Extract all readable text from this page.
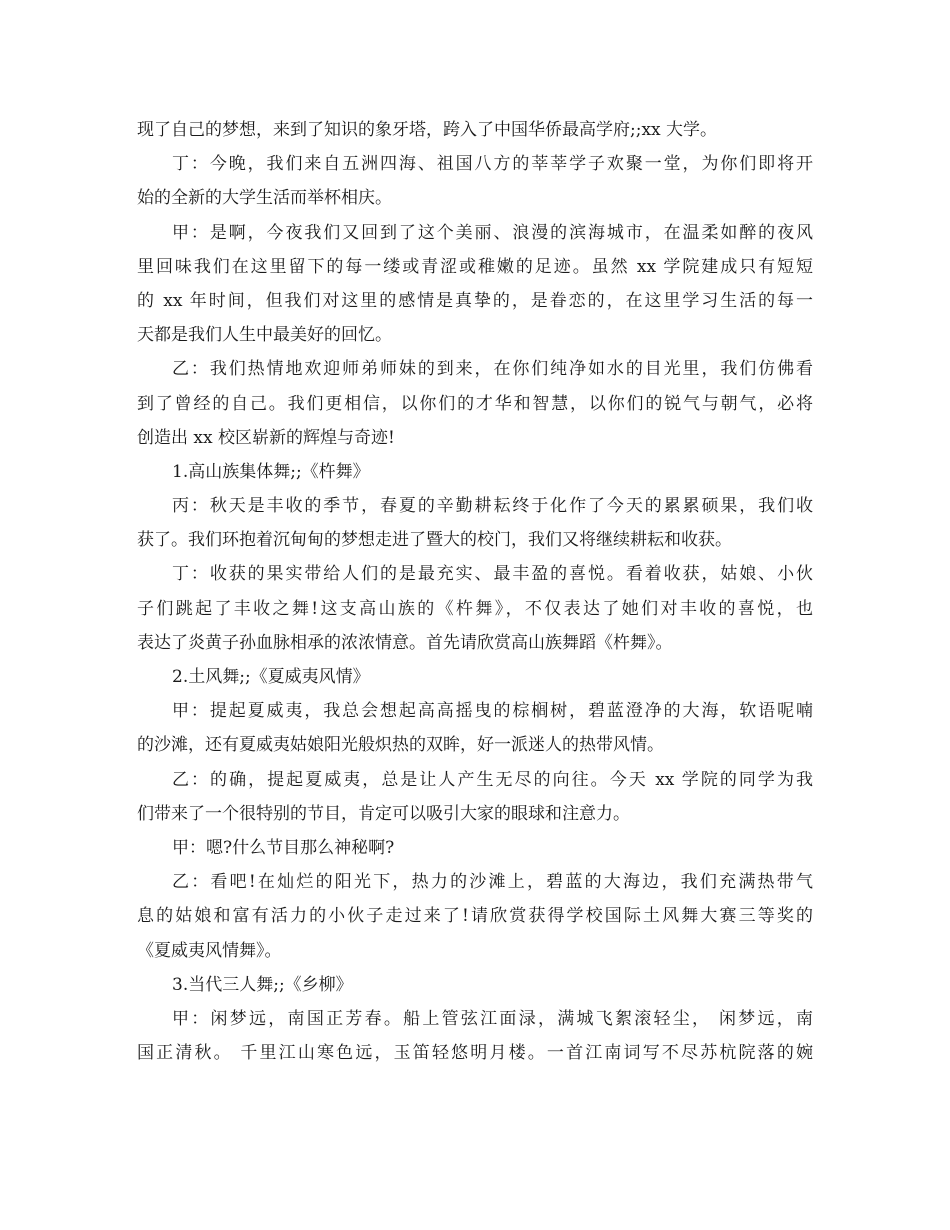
现了自己的梦想，来到了知识的象牙塔，跨入了中国华侨最高学府;;xx 大学。
丁：今晚，我们来自五洲四海、祖国八方的莘莘学子欢聚一堂，为你们即将开
始的全新的大学生活而举杯相庆。
甲：是啊，今夜我们又回到了这个美丽、浪漫的滨海城市，在温柔如醉的夜风
里回味我们在这里留下的每一缕或青涩或稚嫩的足迹。虽然 xx 学院建成只有短短
的 xx 年时间，但我们对这里的感情是真挚的，是眷恋的，在这里学习生活的每一
天都是我们人生中最美好的回忆。
乙：我们热情地欢迎师弟师妹的到来，在你们纯净如水的目光里，我们仿佛看
到了曾经的自己。我们更相信，以你们的才华和智慧，以你们的锐气与朝气，必将
创造出 xx 校区崭新的辉煌与奇迹!
1.高山族集体舞;;《杵舞》
丙：秋天是丰收的季节，春夏的辛勤耕耘终于化作了今天的累累硕果，我们收
获了。我们环抱着沉甸甸的梦想走进了暨大的校门，我们又将继续耕耘和收获。
丁：收获的果实带给人们的是最充实、最丰盈的喜悦。看着收获，姑娘、小伙
子们跳起了丰收之舞!这支高山族的《杵舞》，不仅表达了她们对丰收的喜悦，也
表达了炎黄子孙血脉相承的浓浓情意。首先请欣赏高山族舞蹈《杵舞》。
2.土风舞;;《夏威夷风情》
甲：提起夏威夷，我总会想起高高摇曳的棕榈树，碧蓝澄净的大海，软语呢喃
的沙滩，还有夏威夷姑娘阳光般炽热的双眸，好一派迷人的热带风情。
乙：的确，提起夏威夷，总是让人产生无尽的向往。今天 xx 学院的同学为我
们带来了一个很特别的节目，肯定可以吸引大家的眼球和注意力。
甲：嗯?什么节目那么神秘啊?
乙：看吧!在灿烂的阳光下，热力的沙滩上，碧蓝的大海边，我们充满热带气
息的姑娘和富有活力的小伙子走过来了!请欣赏获得学校国际土风舞大赛三等奖的
《夏威夷风情舞》。
3.当代三人舞;;《乡柳》
甲：闲梦远，南国正芳春。船上管弦江面渌，满城飞絮滚轻尘， 闲梦远，南
国正清秋。 千里江山寒色远，玉笛轻悠明月楼。一首江南词写不尽苏杭院落的婉
